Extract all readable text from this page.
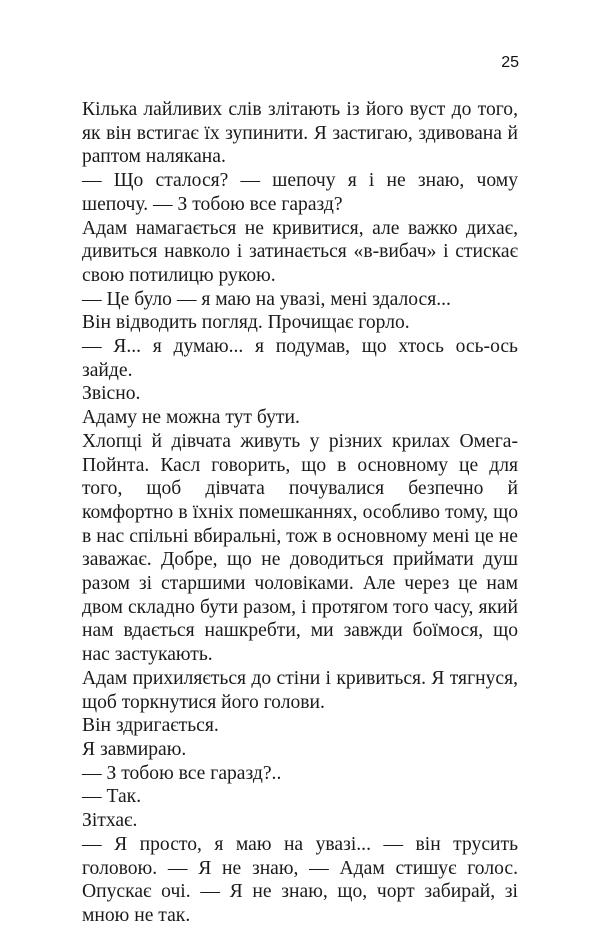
25

Кілька лайливих слів злітають із його вуст до того, як він встигає їх зупинити. Я застигаю, здивована й раптом налякана.

— Що сталося? — шепочу я і не знаю, чому шепочу. — З тобою все гаразд?

Адам намагається не кривитися, але важко дихає, дивиться навколо і затинається «в-вибач» і стискає свою потилицю рукою.

— Це було — я маю на увазі, мені здалося...

Він відводить погляд. Прочищає горло.

— Я... я думаю... я подумав, що хтось ось-ось зайде.

Звісно.

Адаму не можна тут бути.

Хлопці й дівчата живуть у різних крилах Омега-Пойнта. Касл говорить, що в основному це для того, щоб дівчата почувалися безпечно й комфортно в їхніх помешканнях, особливо тому, що в нас спільні вбиральні, тож в основному мені це не заважає. Добре, що не доводиться приймати душ разом зі старшими чоловіками. Але через це нам двом складно бути разом, і протягом того часу, який нам вдається нашкребти, ми завжди боїмося, що нас застукають.

Адам прихиляється до стіни і кривиться. Я тягнуся, щоб торкнутися його голови.

Він здригається.

Я завмираю.

— З тобою все гаразд?..

— Так.

Зітхає.

— Я просто, я маю на увазі... — він трусить головою. — Я не знаю, — Адам стишує голос. Опускає очі. — Я не знаю, що, чорт забирай, зі мною не так.
